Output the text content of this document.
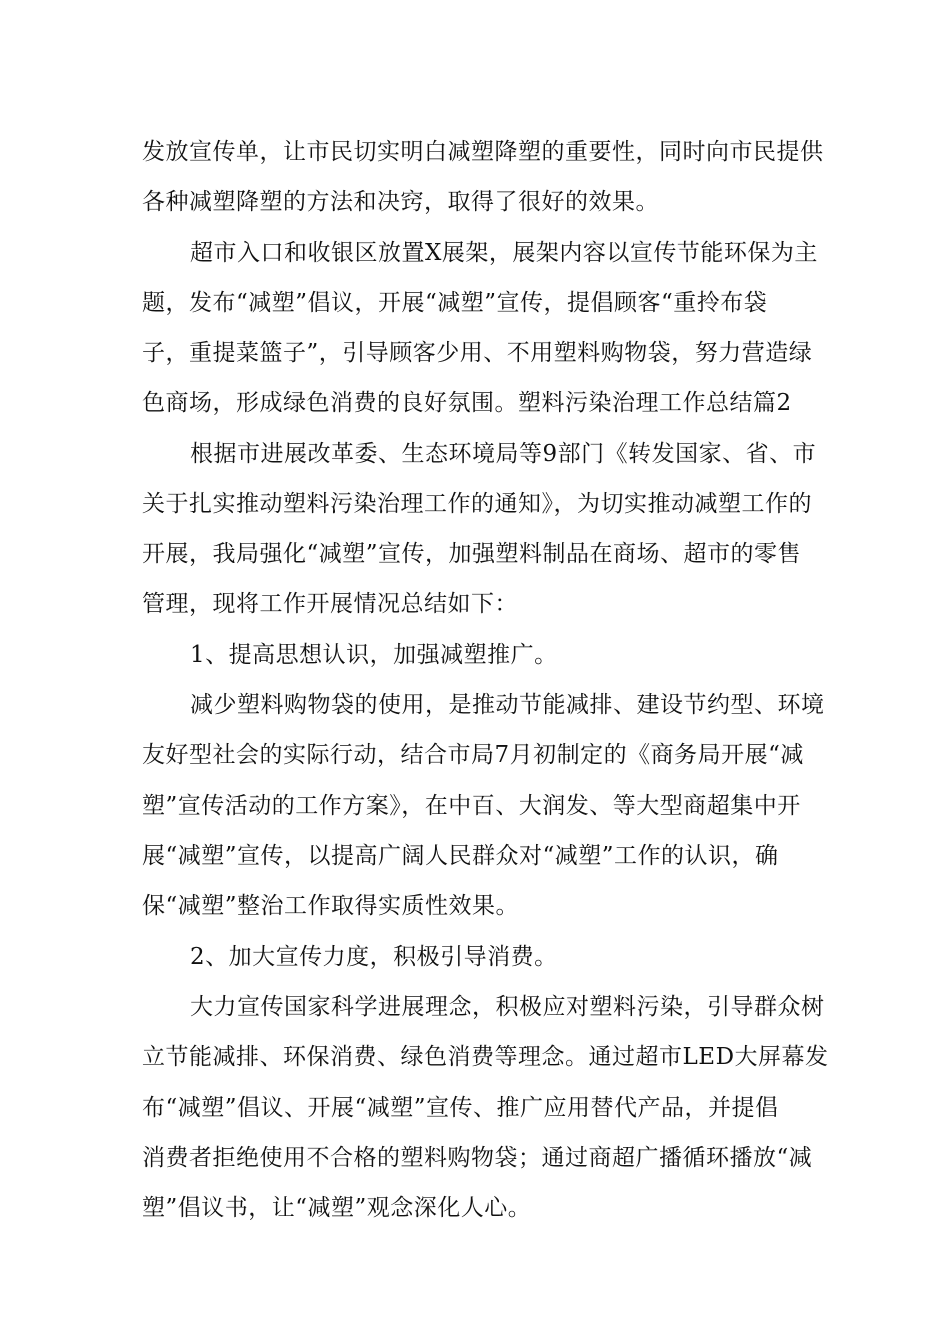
发放宣传单，让市民切实明白减塑降塑的重要性，同时向市民提供
各种减塑降塑的方法和决窍，取得了很好的效果。
超市入口和收银区放置X展架，展架内容以宣传节能环保为主
题，发布“减塑”倡议，开展“减塑”宣传，提倡顾客“重拎布袋
子，重提菜篮子”，引导顾客少用、不用塑料购物袋，努力营造绿
色商场，形成绿色消费的良好氛围。塑料污染治理工作总结篇2
根据市进展改革委、生态环境局等9部门《转发国家、省、市
关于扎实推动塑料污染治理工作的通知》，为切实推动减塑工作的
开展，我局强化“减塑”宣传，加强塑料制品在商场、超市的零售
管理，现将工作开展情况总结如下：
1、提高思想认识，加强减塑推广。
减少塑料购物袋的使用，是推动节能减排、建设节约型、环境
友好型社会的实际行动，结合市局7月初制定的《商务局开展“减
塑”宣传活动的工作方案》，在中百、大润发、等大型商超集中开
展“减塑”宣传，以提高广阔人民群众对“减塑”工作的认识，确
保“减塑”整治工作取得实质性效果。
2、加大宣传力度，积极引导消费。
大力宣传国家科学进展理念，积极应对塑料污染，引导群众树
立节能减排、环保消费、绿色消费等理念。通过超市LED大屏幕发
布“减塑”倡议、开展“减塑”宣传、推广应用替代产品，并提倡
消费者拒绝使用不合格的塑料购物袋；通过商超广播循环播放“减
塑”倡议书，让“减塑”观念深化人心。
